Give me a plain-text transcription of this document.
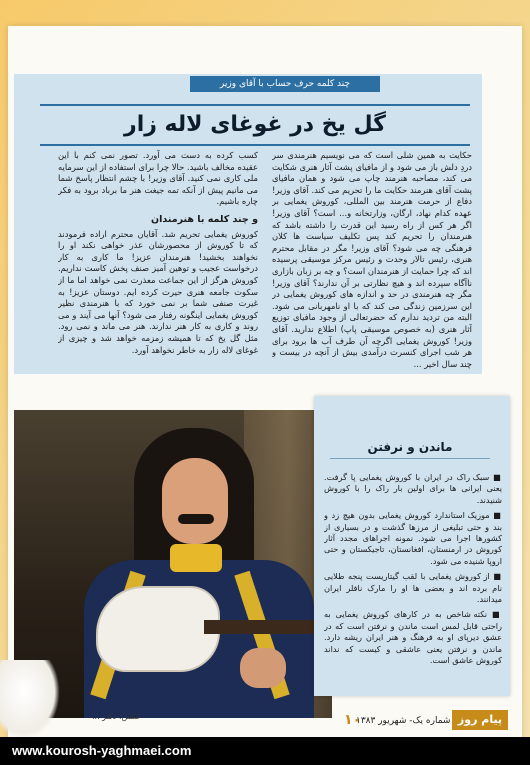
چند کلمه حرف حساب با آقای وزیر
گل یخ در غوغای لاله زار
حکایت به همین شلی است که می نویسیم هنرمندی سر دردِ دلش باز می شود و از مافیای پشت آثار هنری شکایت می کند، مصاحبه هنرمند چاپ می شود و همان مافیای پشت آقای هنرمند حکایت ما را تحریم می کند. آقای وزیر! دفاع از حرمت هنرمند بین المللی، کوروش یغمایی بر عهده کدام نهاد، ارگان، وزارتخانه و... است؟ آقای وزیر! اگر هر کس از راه رسید این قدرت را داشته باشد که هنرمندان را تحریم کند پس تکلیف سیاست ها کلان فرهنگی چه می شود؟ آقای وزیر! مگر در مقابل محترم هنری، رئیس تالار وحدت و رئیس مرکز موسیقی پرسیده اند که چرا حمایت از هنرمندان است؟ و چه بر زبان بازاری ناآگاه سپرده اند و هیچ نظارتی بر آن ندارند؟ آقای وزیر! مگر چه هنرمندی در حد و اندازه های کوروش یغمایی در این سرزمین زندگی می کند که با او نامهربانی می شود. البته من تردید ندارم که حضرتعالی از وجود مافیای توزیع آثار هنری (به خصوص موسیقی پاپ) اطلاع ندارید. آقای وزیر! کوروش یغمایی اگرچه آن طرف آب ها برود برای هر شب اجرای کنسرت درآمدی بیش از آنچه در بیست و چند سال اخیر ...
کسب کرده به دست می آورد. تصور نمی کنم با این عقیده مخالف باشید. حالا چرا برای استفاده از این سرمایه ملی کاری نمی کنید. آقای وزیر! با چشم انتظار پاسخ شما می مانیم پیش از آنکه تمه جیغت هنر ما برباد برود به فکر چاره باشیم.
و چند کلمه با هنرمندان
کوروش یغمایی تحریم شد. آقایان محترم اراده فرمودند که تا کوروش از محصورشان عذر خواهی نکند او را نخواهند بخشید! هنرمندان عزیز! ما کاری به کار درخواست عجیب و توهین آمیز صنف پخش کاست نداریم. کوروش هرگز از این جماعت معذرت نمی خواهد اما ما از سکوت جامعه هنری حیرت کرده ایم. دوستان عزیز! به غیرت صنفی شما بر نمی خورد که با هنرمندی نظیر کوروش یغمایی اینگونه رفتار می شود؟ آنها می آیند و می روند و کاری به کار هنر ندارند. هنر می ماند و نمی رود. مثل گل یخ که تا همیشه زمزمه خواهد شد و چیزی از غوغای لاله زار به خاطر نخواهد آورد.
عکس: دکتر ...
ماندن و نرفتن

■ سبک راک در ایران با کوروش یغمایی پا گرفت. یعنی ایرانی ها برای اولین بار راک را با کوروش شنیدند.

■ موزیک استاندارد کوروش یغمایی بدون هیچ زد و بند و حتی تبلیغی از مرزها گذشت و در بسیاری از کشورها اجرا می شود. نمونه اجراهای مجدد آثار کوروش در ارمنستان، افغانستان، تاجیکستان و حتی اروپا شنیده می شود.

■ از کوروش یغمایی با لقب گیتاریست پنجه طلایی نام برده اند و بعضی ها او را مارک نافلر ایران میدانند.

■ نکته شاخص به در کارهای کوروش یغمایی به راحتی قابل لمس است ماندن و نرفتن است که در عشق دیرپای او به فرهنگ و هنر ایران ریشه دارد. ماندن و نرفتن یعنی عاشقی و کیست که نداند کوروش عاشق است.

۱۰
شماره یک- شهریور ۱۳۸۳ پیام روز
www.kourosh-yaghmaei.com
